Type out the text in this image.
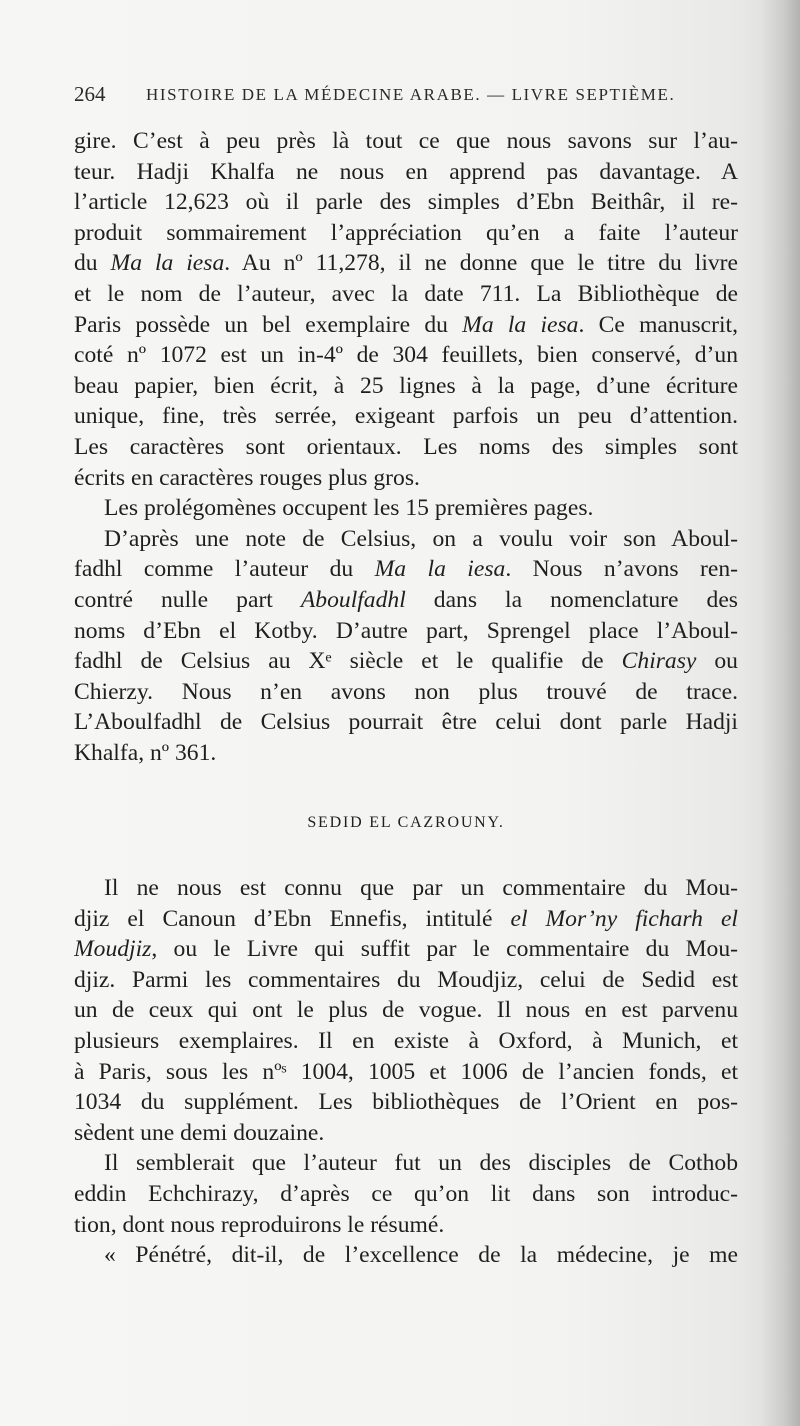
264 HISTOIRE DE LA MÉDECINE ARABE. — LIVRE SEPTIÈME.
gire. C’est à peu près là tout ce que nous savons sur l’au-
teur. Hadji Khalfa ne nous en apprend pas davantage. A
l’article 12,623 où il parle des simples d’Ebn Beithâr, il re-
produit sommairement l’appréciation qu’en a faite l’auteur
du Ma la iesa. Au nº 11,278, il ne donne que le titre du livre
et le nom de l’auteur, avec la date 711. La Bibliothèque de
Paris possède un bel exemplaire du Ma la iesa. Ce manuscrit,
coté nº 1072 est un in-4º de 304 feuillets, bien conservé, d’un
beau papier, bien écrit, à 25 lignes à la page, d’une écriture
unique, fine, très serrée, exigeant parfois un peu d’attention.
Les caractères sont orientaux. Les noms des simples sont
écrits en caractères rouges plus gros.
Les prolégomènes occupent les 15 premières pages.
D’après une note de Celsius, on a voulu voir son Aboul-
fadhl comme l’auteur du Ma la iesa. Nous n’avons ren-
contré nulle part Aboulfadhl dans la nomenclature des
noms d’Ebn el Kotby. D’autre part, Sprengel place l’Aboul-
fadhl de Celsius au Xᵉ siècle et le qualifie de Chirasy ou
Chierzy. Nous n’en avons non plus trouvé de trace.
L’Aboulfadhl de Celsius pourrait être celui dont parle Hadji
Khalfa, nº 361.
SEDID EL CAZROUNY.
Il ne nous est connu que par un commentaire du Mou-
djiz el Canoun d’Ebn Ennefis, intitulé el Mor’ny ficharh el
Moudjiz, ou le Livre qui suffit par le commentaire du Mou-
djiz. Parmi les commentaires du Moudjiz, celui de Sedid est
un de ceux qui ont le plus de vogue. Il nous en est parvenu
plusieurs exemplaires. Il en existe à Oxford, à Munich, et
à Paris, sous les nºˢ 1004, 1005 et 1006 de l’ancien fonds, et
1034 du supplément. Les bibliothèques de l’Orient en pos-
sèdent une demi douzaine.
Il semblerait que l’auteur fut un des disciples de Cothob
eddin Echchirazy, d’après ce qu’on lit dans son introduc-
tion, dont nous reproduirons le résumé.
« Pénétré, dit-il, de l’excellence de la médecine, je me
